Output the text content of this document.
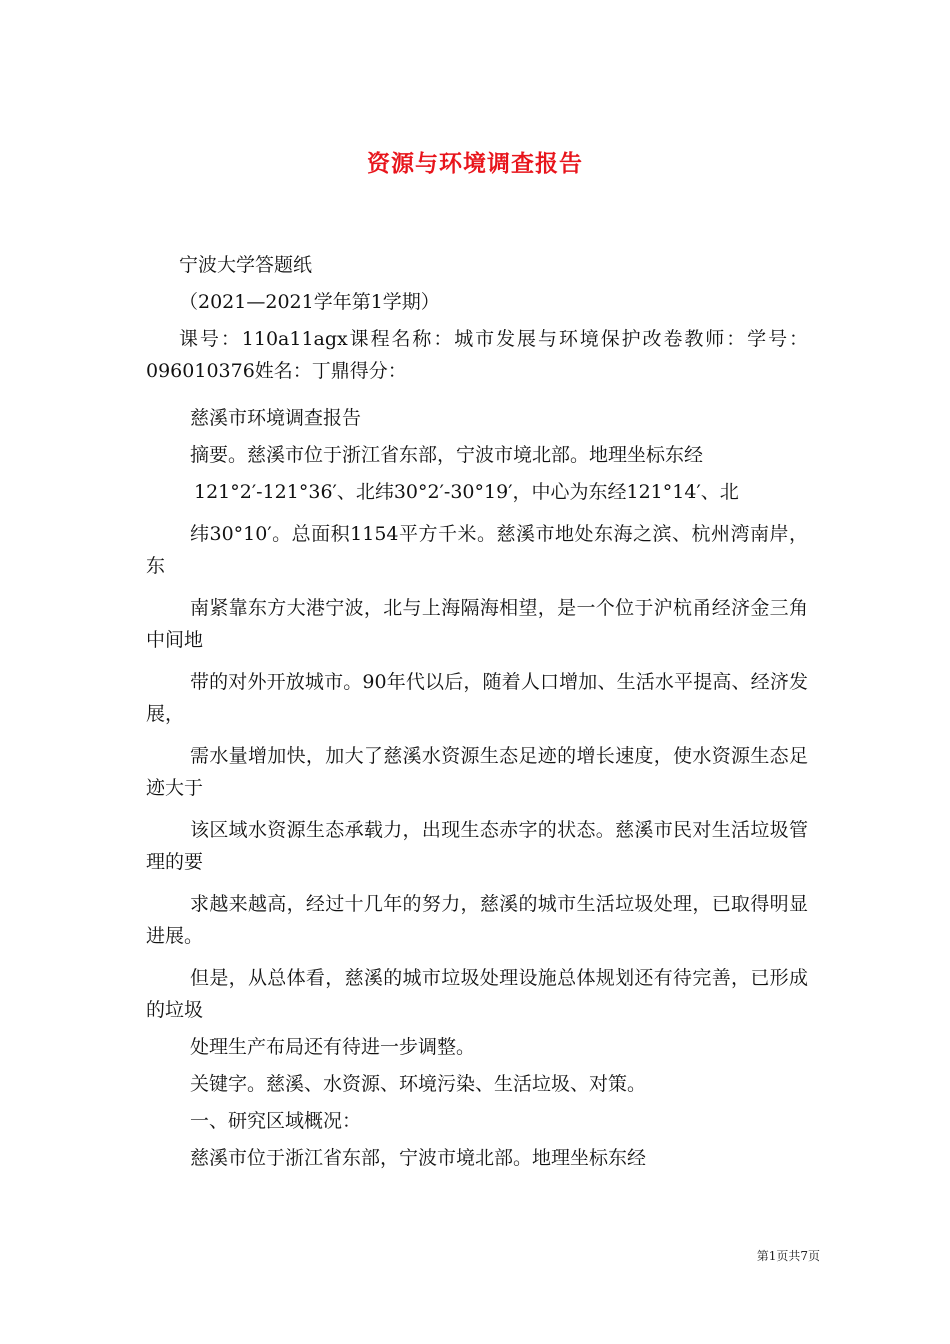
资源与环境调查报告

宁波大学答题纸

（2021—2021学年第1学期）

课号：110a11agx课程名称：城市发展与环境保护改卷教师：学号：096010376姓名：丁鼎得分：

慈溪市环境调查报告

摘要。慈溪市位于浙江省东部，宁波市境北部。地理坐标东经

121°2′-121°36′、北纬30°2′-30°19′，中心为东经121°14′、北

纬30°10′。总面积1154平方千米。慈溪市地处东海之滨、杭州湾南岸，东

南紧靠东方大港宁波，北与上海隔海相望，是一个位于沪杭甬经济金三角中间地

带的对外开放城市。90年代以后，随着人口增加、生活水平提高、经济发展，

需水量增加快，加大了慈溪水资源生态足迹的增长速度，使水资源生态足迹大于

该区域水资源生态承载力，出现生态赤字的状态。慈溪市民对生活垃圾管理的要

求越来越高，经过十几年的努力，慈溪的城市生活垃圾处理，已取得明显进展。

但是，从总体看，慈溪的城市垃圾处理设施总体规划还有待完善，已形成的垃圾

处理生产布局还有待进一步调整。

关键字。慈溪、水资源、环境污染、生活垃圾、对策。

一、研究区域概况：

慈溪市位于浙江省东部，宁波市境北部。地理坐标东经

第1页共7页
